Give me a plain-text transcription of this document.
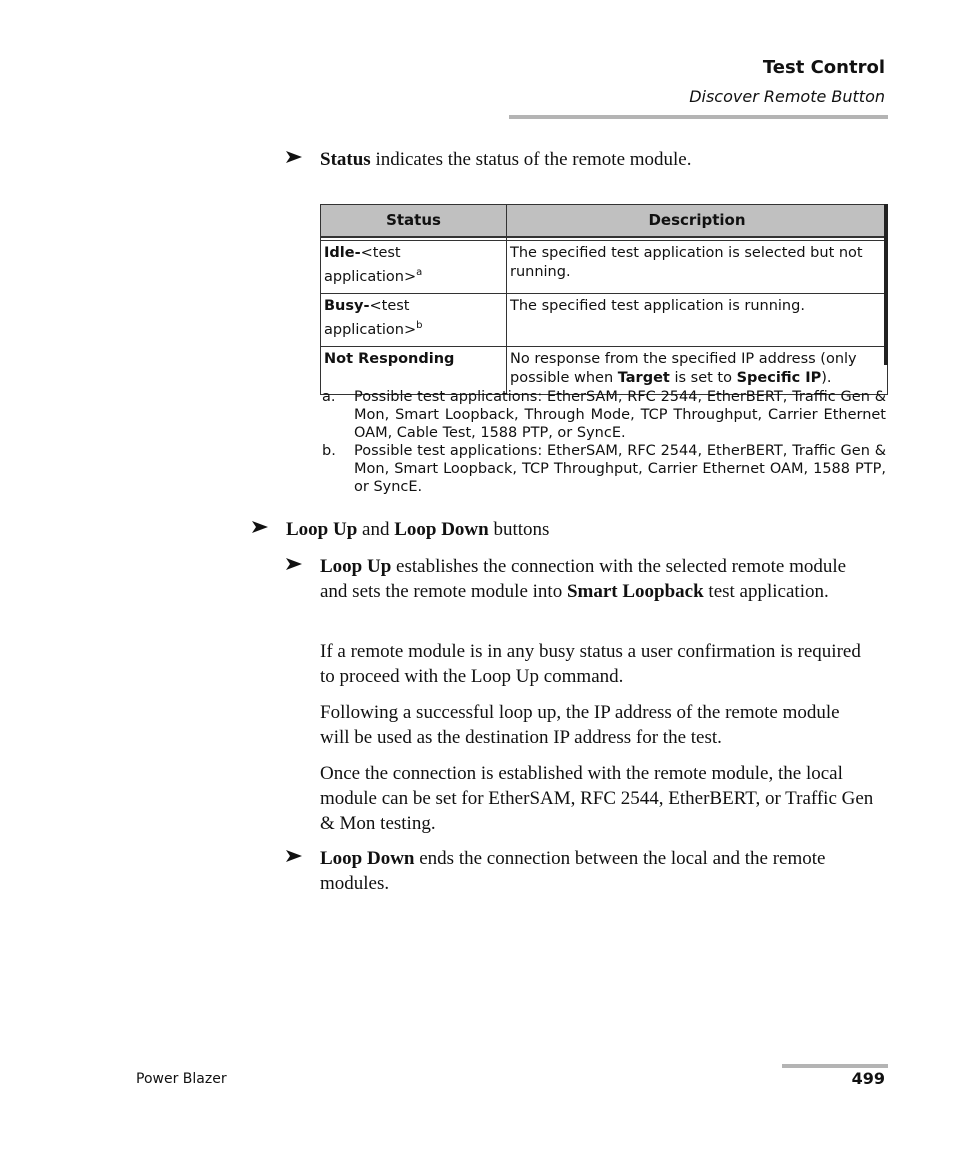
Test Control
Discover Remote Button
Status indicates the status of the remote module.
Status	Description

Idle-<test application>$^a$	The specified test application is selected but not running.
Busy-<test application>$^b$	The specified test application is running.
Not Responding	No response from the specified IP address (only possible when Target is set to Specific IP).
a. Possible test applications: EtherSAM, RFC 2544, EtherBERT, Traffic Gen & Mon, Smart Loopback, Through Mode, TCP Throughput, Carrier Ethernet OAM, Cable Test, 1588 PTP, or SyncE.
b. Possible test applications: EtherSAM, RFC 2544, EtherBERT, Traffic Gen & Mon, Smart Loopback, TCP Throughput, Carrier Ethernet OAM, 1588 PTP, or SyncE.
Loop Up and Loop Down buttons
Loop Up establishes the connection with the selected remote module and sets the remote module into Smart Loopback test application.
If a remote module is in any busy status a user confirmation is required to proceed with the Loop Up command.
Following a successful loop up, the IP address of the remote module will be used as the destination IP address for the test.
Once the connection is established with the remote module, the local module can be set for EtherSAM, RFC 2544, EtherBERT, or Traffic Gen & Mon testing.
Loop Down ends the connection between the local and the remote modules.
Power Blazer	499
